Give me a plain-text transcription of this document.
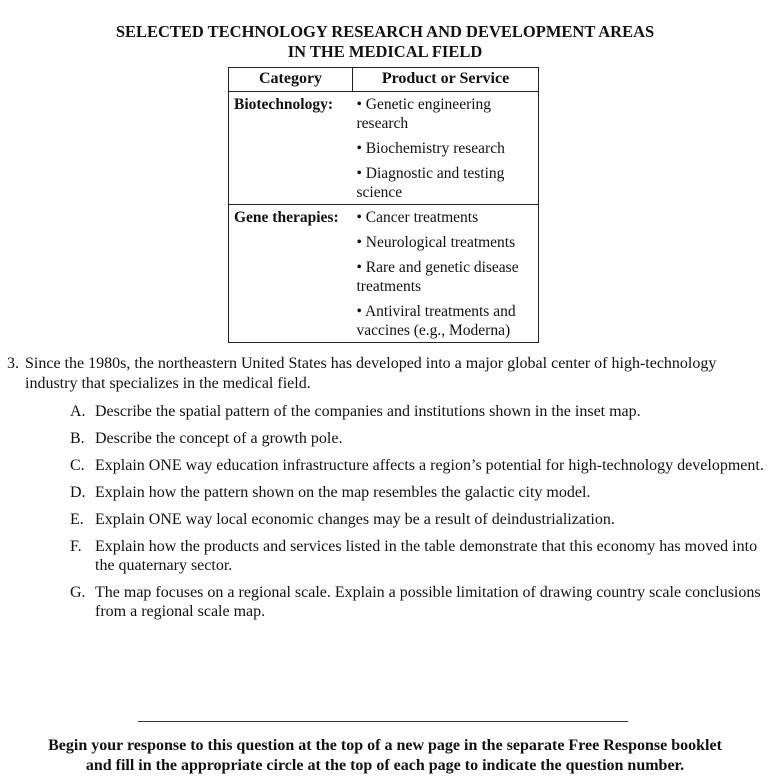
SELECTED TECHNOLOGY RESEARCH AND DEVELOPMENT AREAS
IN THE MEDICAL FIELD
Category	Product or Service
Biotechnology:	• Genetic engineering research
• Biochemistry research
• Diagnostic and testing science

Gene therapies:	• Cancer treatments
• Neurological treatments
• Rare and genetic disease treatments
• Antiviral treatments and vaccines (e.g., Moderna)
3. Since the 1980s, the northeastern United States has developed into a major global center of high-technology industry that specializes in the medical field.
A. Describe the spatial pattern of the companies and institutions shown in the inset map.
B. Describe the concept of a growth pole.
C. Explain ONE way education infrastructure affects a region’s potential for high-technology development.
D. Explain how the pattern shown on the map resembles the galactic city model.
E. Explain ONE way local economic changes may be a result of deindustrialization.
F. Explain how the products and services listed in the table demonstrate that this economy has moved into the quaternary sector.
G. The map focuses on a regional scale. Explain a possible limitation of drawing country scale conclusions from a regional scale map.
Begin your response to this question at the top of a new page in the separate Free Response booklet
and fill in the appropriate circle at the top of each page to indicate the question number.
